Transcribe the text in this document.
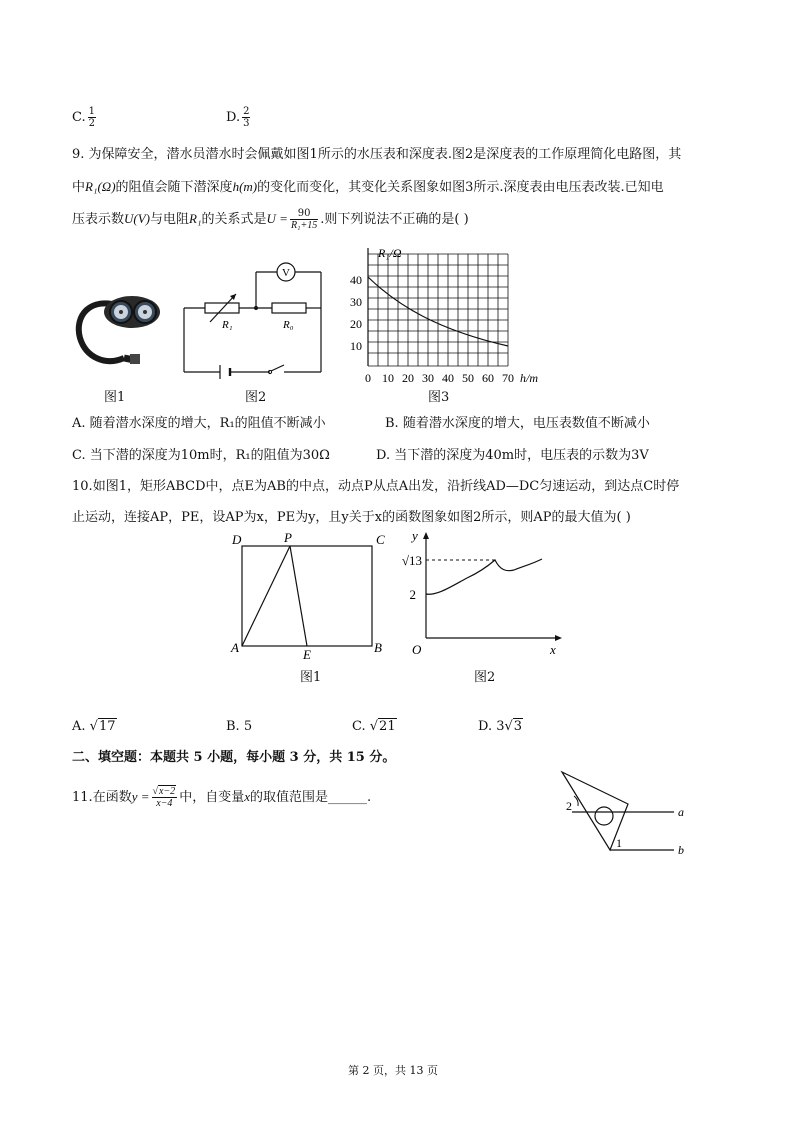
C. $\frac{1}{2}$	D. $\frac{2}{3}$
9. 为保障安全，潜水员潜水时会佩戴如图1所示的水压表和深度表.图2是深度表的工作原理简化电路图，其
中R₁(Ω)的阻值会随下潜深度h(m)的变化而变化，其变化关系图象如图3所示.深度表由电压表改装.已知电
压表示数U(V)与电阻R₁的关系式是$U = \frac{90}{\text{R₁+15}}$ .则下列说法不正确的是( )
图1
V
R₁	R₀
图2
R₁/Ω
10
20
30
40
0 10 20 30 40 50 60 70 h/m
图3
A. 随着潜水深度的增大，R₁的阻值不断减小	B. 随着潜水深度的增大，电压表数值不断减小
C. 当下潜的深度为10m时，R₁的阻值为30Ω	D. 当下潜的深度为40m时，电压表的示数为3V
10.如图1，矩形ABCD中，点E为AB的中点，动点P从点A出发，沿折线AD—DC匀速运动，到达点C时停
止运动，连接AP，PE，设AP为x，PE为y，且y关于x的函数图象如图2所示，则AP的最大值为( )
D	P	C
A	B
E
图1
y
√13
2
O	x
图2
A. √17	B. 5	C. √21	D. 3√3
二、填空题：本题共 5 小题，每小题 3 分，共 15 分。
11.在函数$y = \frac{√x-2}{x-4}$ 中，自变量x的取值范围是______.
2
1
a
b
第 2 页，共 13 页
